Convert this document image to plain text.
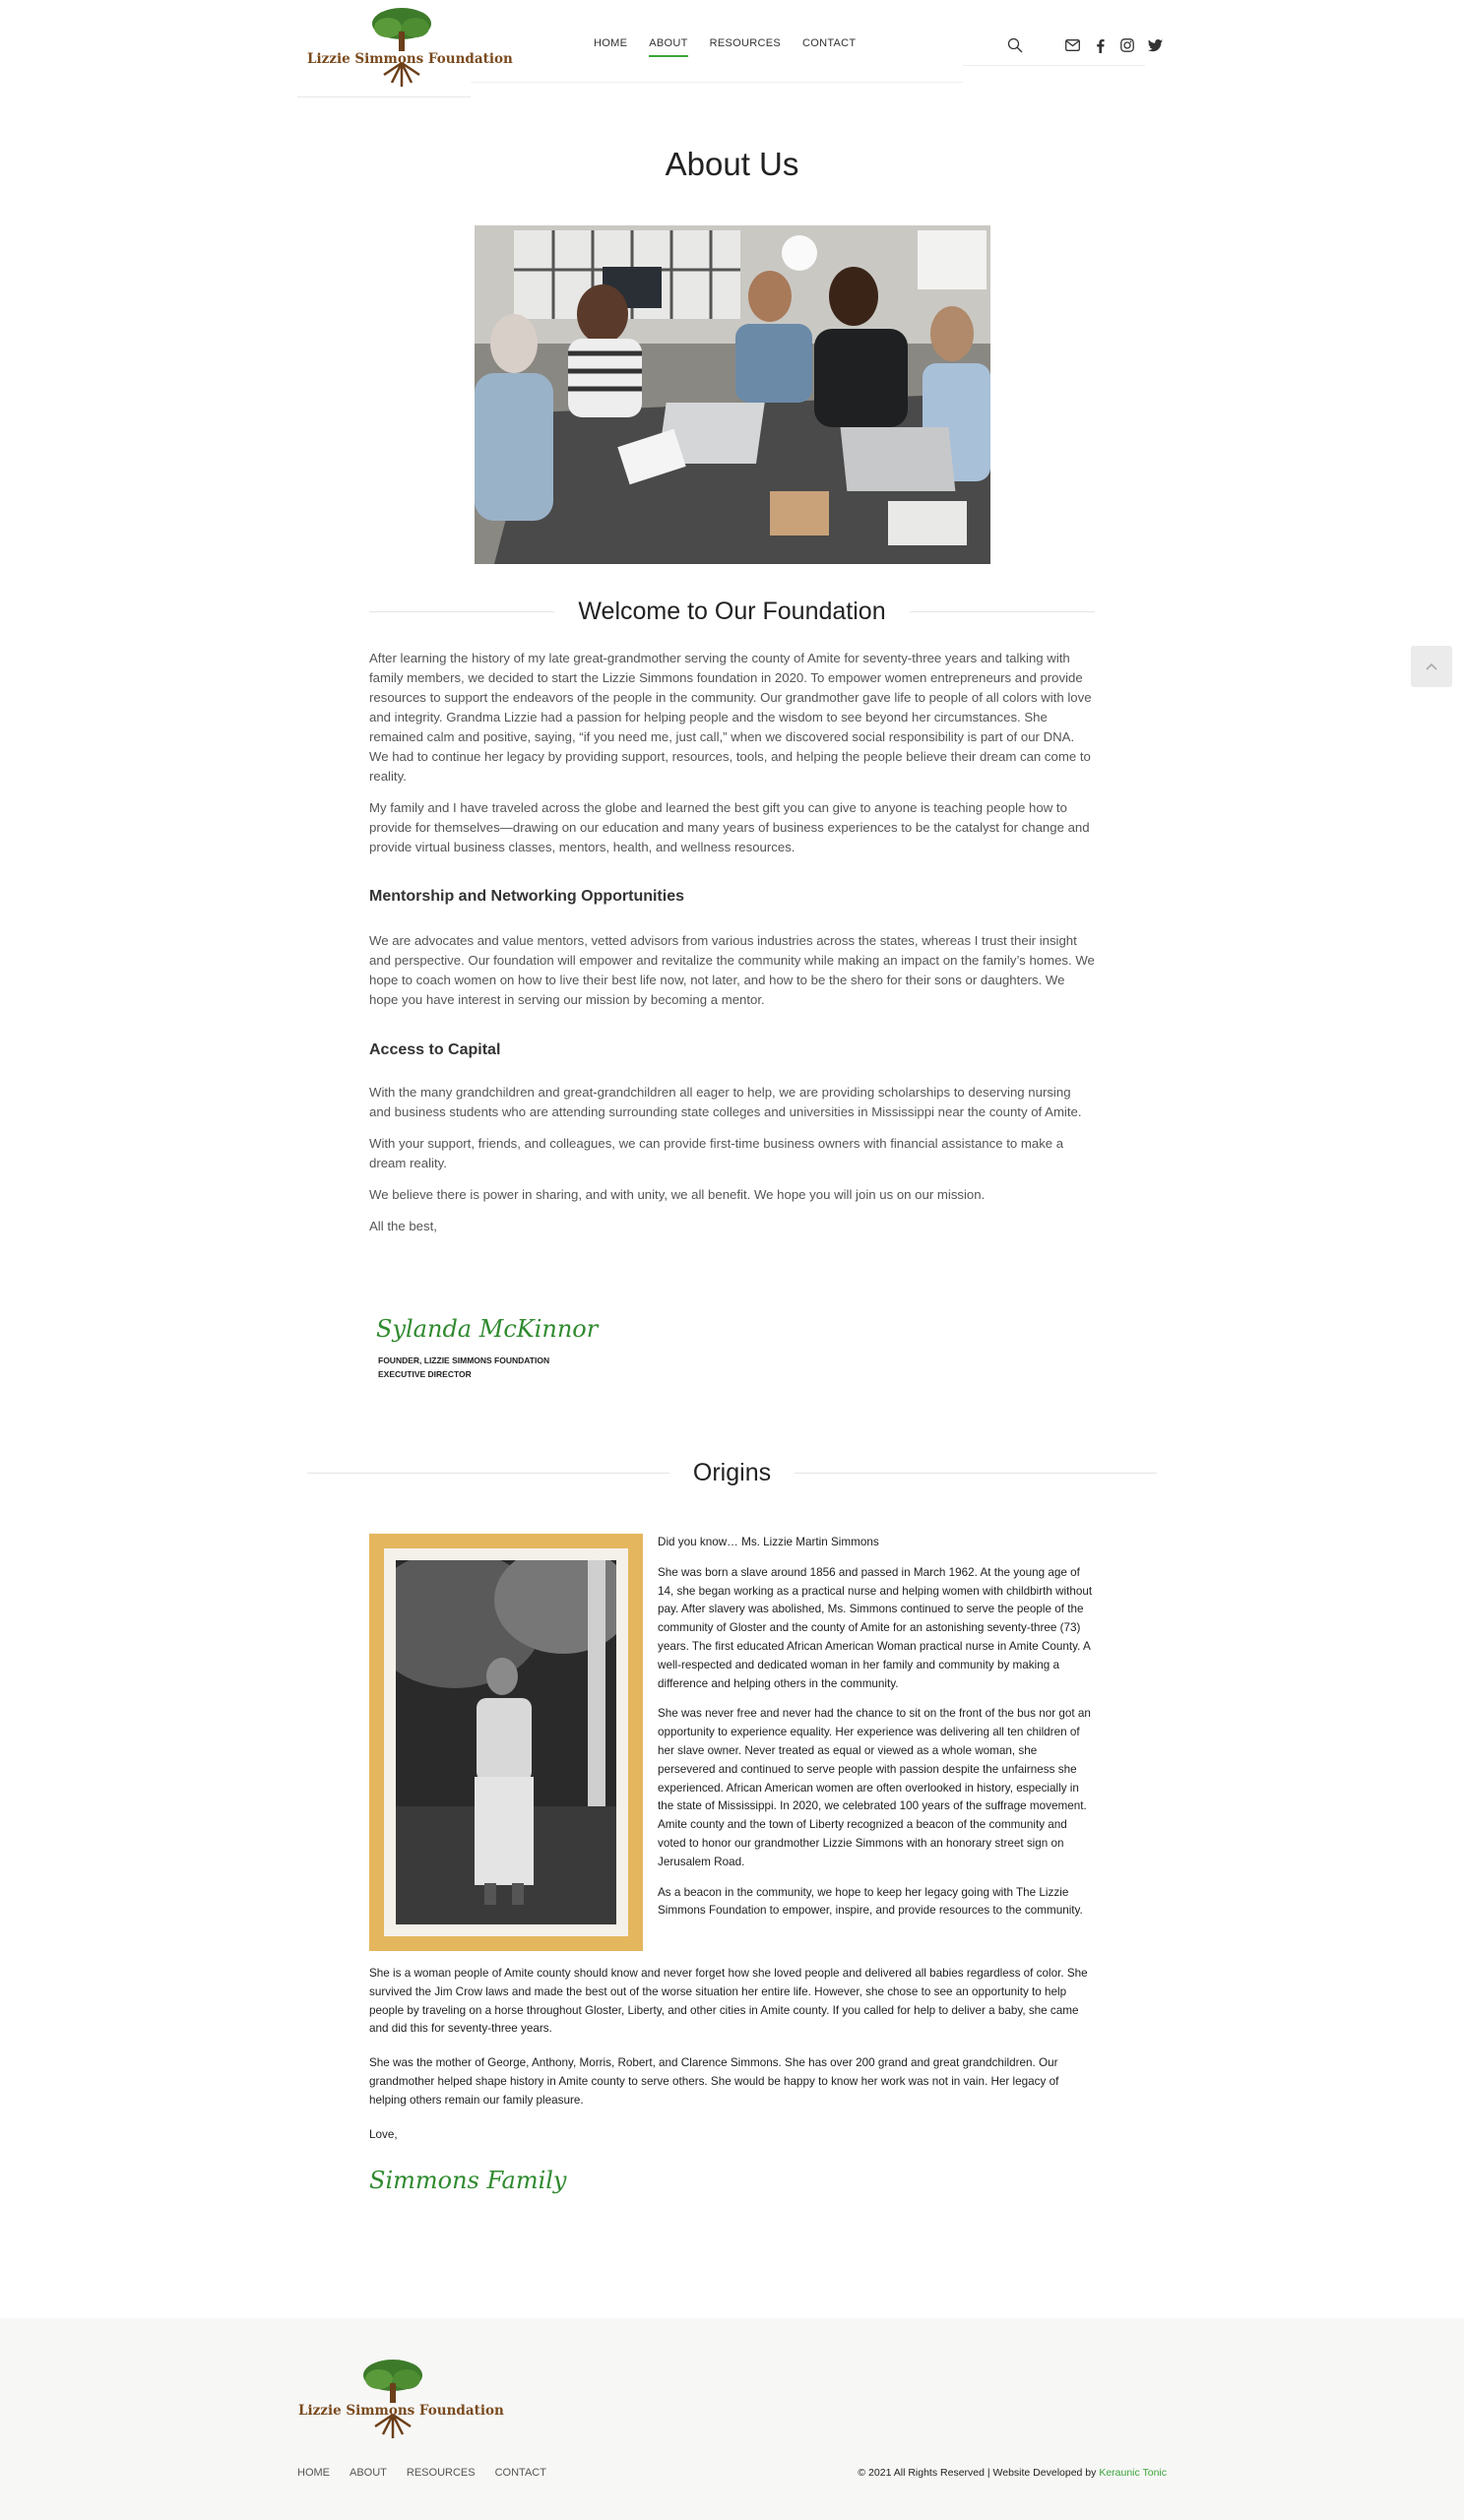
Lizzie Simmons Foundation
HOME ABOUT RESOURCES CONTACT
About Us
Welcome to Our Foundation

After learning the history of my late great-grandmother serving the county of Amite for seventy-three years and talking with family members, we decided to start the Lizzie Simmons foundation in 2020. To empower women entrepreneurs and provide resources to support the endeavors of the people in the community. Our grandmother gave life to people of all colors with love and integrity. Grandma Lizzie had a passion for helping people and the wisdom to see beyond her circumstances. She remained calm and positive, saying, “if you need me, just call,” when we discovered social responsibility is part of our DNA. We had to continue her legacy by providing support, resources, tools, and helping the people believe their dream can come to reality.

My family and I have traveled across the globe and learned the best gift you can give to anyone is teaching people how to provide for themselves—drawing on our education and many years of business experiences to be the catalyst for change and provide virtual business classes, mentors, health, and wellness resources.

Mentorship and Networking Opportunities

We are advocates and value mentors, vetted advisors from various industries across the states, whereas I trust their insight and perspective. Our foundation will empower and revitalize the community while making an impact on the family’s homes. We hope to coach women on how to live their best life now, not later, and how to be the shero for their sons or daughters. We hope you have interest in serving our mission by becoming a mentor.

Access to Capital

With the many grandchildren and great-grandchildren all eager to help, we are providing scholarships to deserving nursing and business students who are attending surrounding state colleges and universities in Mississippi near the county of Amite.

With your support, friends, and colleagues, we can provide first-time business owners with financial assistance to make a dream reality.

We believe there is power in sharing, and with unity, we all benefit. We hope you will join us on our mission.

All the best,

Sylanda McKinnor
FOUNDER, LIZZIE SIMMONS FOUNDATION
EXECUTIVE DIRECTOR
Origins

Did you know… Ms. Lizzie Martin Simmons

She was born a slave around 1856 and passed in March 1962. At the young age of 14, she began working as a practical nurse and helping women with childbirth without pay. After slavery was abolished, Ms. Simmons continued to serve the people of the community of Gloster and the county of Amite for an astonishing seventy-three (73) years. The first educated African American Woman practical nurse in Amite County. A well-respected and dedicated woman in her family and community by making a difference and helping others in the community.

She was never free and never had the chance to sit on the front of the bus nor got an opportunity to experience equality. Her experience was delivering all ten children of her slave owner. Never treated as equal or viewed as a whole woman, she persevered and continued to serve people with passion despite the unfairness she experienced. African American women are often overlooked in history, especially in the state of Mississippi. In 2020, we celebrated 100 years of the suffrage movement. Amite county and the town of Liberty recognized a beacon of the community and voted to honor our grandmother Lizzie Simmons with an honorary street sign on Jerusalem Road.

As a beacon in the community, we hope to keep her legacy going with The Lizzie Simmons Foundation to empower, inspire, and provide resources to the community.

She is a woman people of Amite county should know and never forget how she loved people and delivered all babies regardless of color. She survived the Jim Crow laws and made the best out of the worse situation her entire life. However, she chose to see an opportunity to help people by traveling on a horse throughout Gloster, Liberty, and other cities in Amite county. If you called for help to deliver a baby, she came and did this for seventy-three years.

She was the mother of George, Anthony, Morris, Robert, and Clarence Simmons. She has over 200 grand and great grandchildren. Our grandmother helped shape history in Amite county to serve others. She would be happy to know her work was not in vain. Her legacy of helping others remain our family pleasure.

Love,

Simmons Family
Lizzie Simmons Foundation
HOME ABOUT RESOURCES CONTACT	© 2021 All Rights Reserved | Website Developed by Keraunic Tonic
